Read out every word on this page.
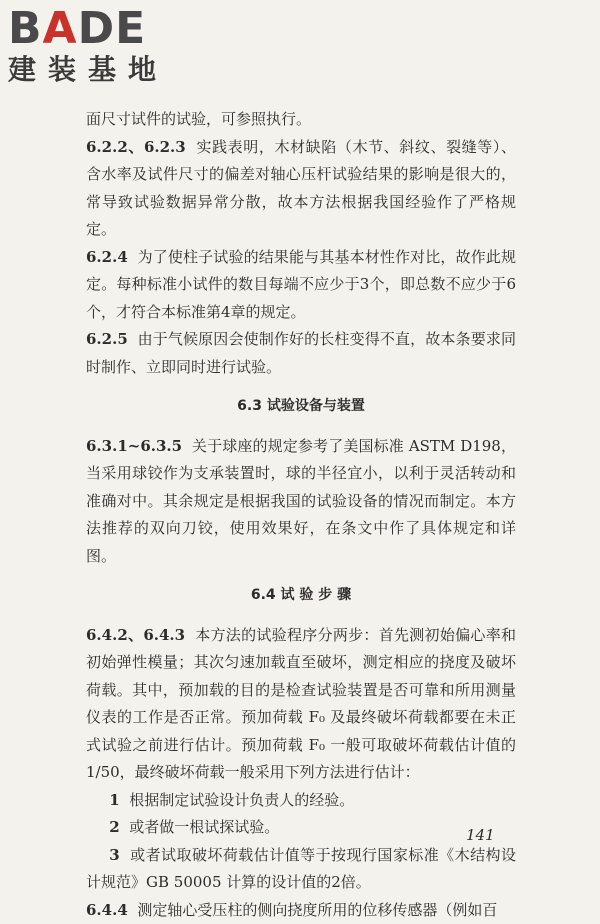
BADE
建装基地

面尺寸试件的试验，可参照执行。

6.2.2、6.2.3 实践表明，木材缺陷（木节、斜纹、裂缝等）、含水率及试件尺寸的偏差对轴心压杆试验结果的影响是很大的，常导致试验数据异常分散，故本方法根据我国经验作了严格规定。

6.2.4 为了使柱子试验的结果能与其基本材性作对比，故作此规定。每种标准小试件的数目每端不应少于3个，即总数不应少于6个，才符合本标准第4章的规定。

6.2.5 由于气候原因会使制作好的长柱变得不直，故本条要求同时制作、立即同时进行试验。

6.3 试验设备与装置

6.3.1~6.3.5 关于球座的规定参考了美国标准 ASTM D198，当采用球铰作为支承装置时，球的半径宜小，以利于灵活转动和准确对中。其余规定是根据我国的试验设备的情况而制定。本方法推荐的双向刀铰，使用效果好，在条文中作了具体规定和详图。

6.4 试 验 步 骤

6.4.2、6.4.3 本方法的试验程序分两步：首先测初始偏心率和初始弹性模量；其次匀速加载直至破坏，测定相应的挠度及破坏荷载。其中，预加载的目的是检查试验装置是否可靠和所用测量仪表的工作是否正常。预加荷载 F₀ 及最终破坏荷载都要在未正式试验之前进行估计。预加荷载 F₀ 一般可取破坏荷载估计值的1/50，最终破坏荷载一般采用下列方法进行估计：

1 根据制定试验设计负责人的经验。

2 或者做一根试探试验。

3 或者试取破坏荷载估计值等于按现行国家标准《木结构设计规范》GB 50005 计算的设计值的2倍。

6.4.4 测定轴心受压柱的侧向挠度所用的位移传感器（例如百

141
